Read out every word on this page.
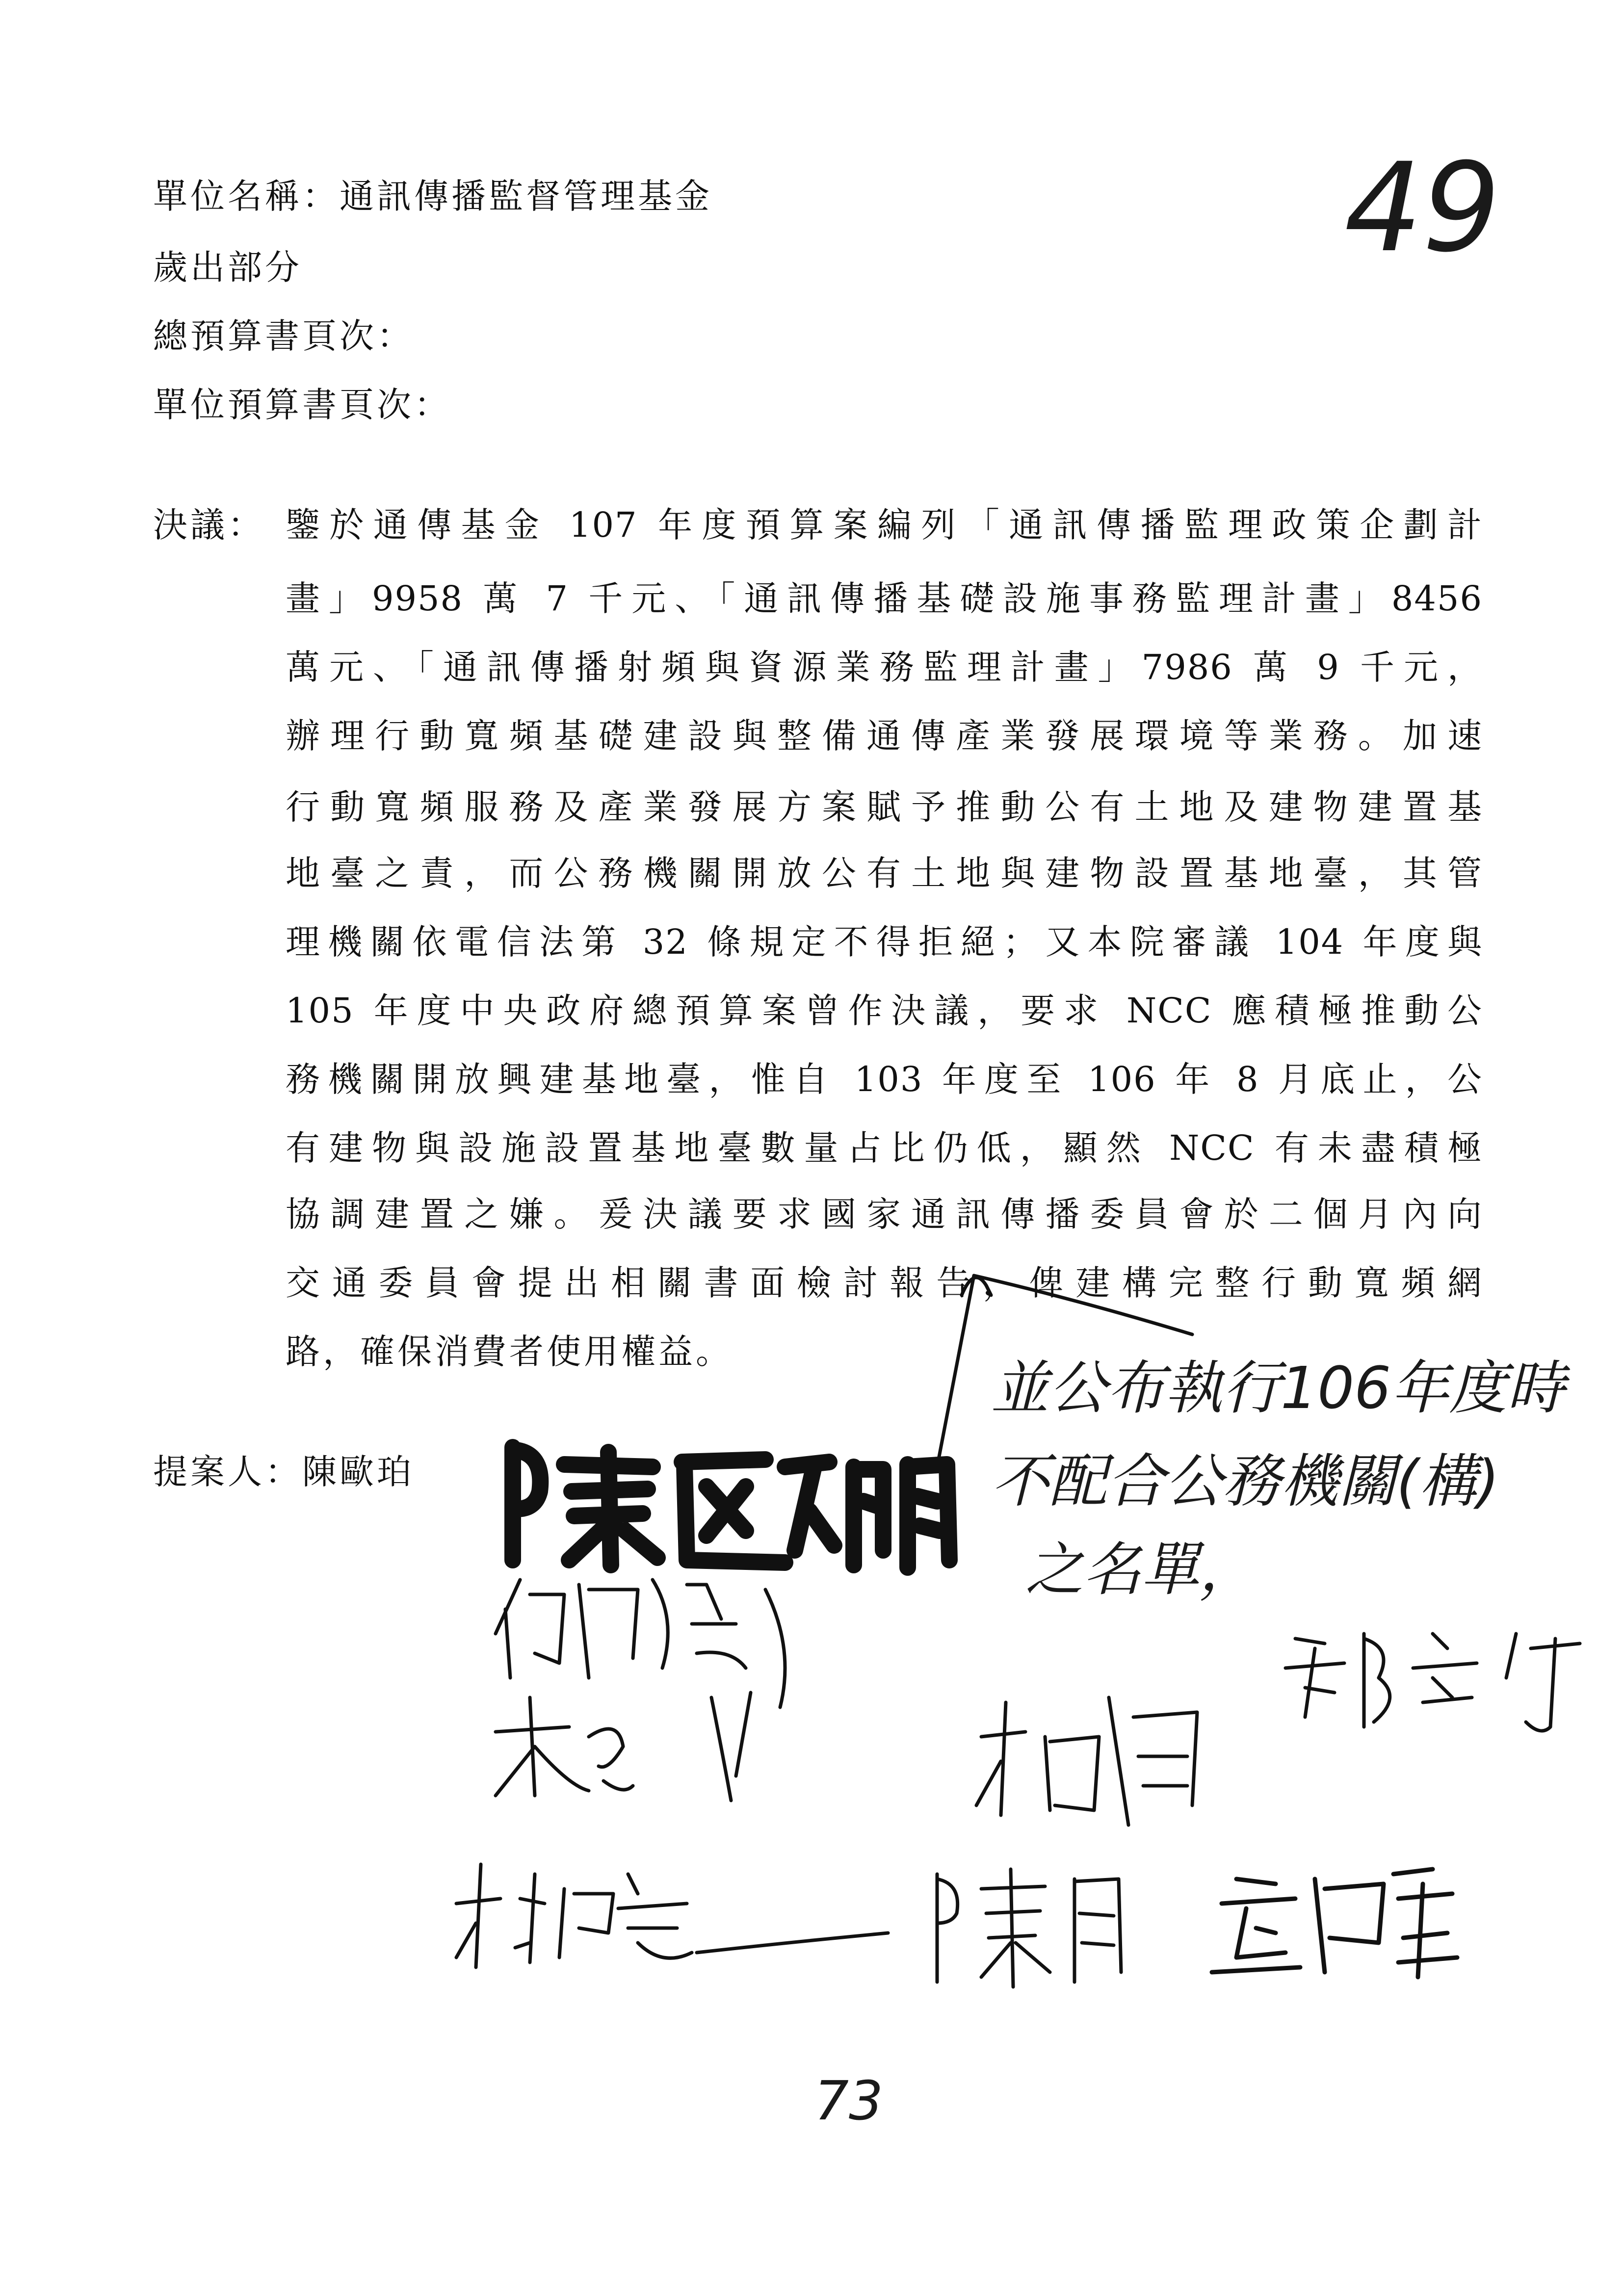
單位名稱：通訊傳播監督管理基金
歲出部分
總預算書頁次：
單位預算書頁次：
決議： 鑒於通傳基金 107 年度預算案編列「通訊傳播監理政策企劃計
畫」9958 萬 7 千元、「通訊傳播基礎設施事務監理計畫」8456
萬元、「通訊傳播射頻與資源業務監理計畫」7986 萬 9 千元，
辦理行動寬頻基礎建設與整備通傳產業發展環境等業務。加速
行動寬頻服務及產業發展方案賦予推動公有土地及建物建置基
地臺之責，而公務機關開放公有土地與建物設置基地臺，其管
理機關依電信法第 32 條規定不得拒絕；又本院審議 104 年度與
105 年度中央政府總預算案曾作決議，要求 NCC 應積極推動公
務機關開放興建基地臺，惟自 103 年度至 106 年 8 月底止，公
有建物與設施設置基地臺數量占比仍低，顯然 NCC 有未盡積極
協調建置之嫌。爰決議要求國家通訊傳播委員會於二個月內向
交通委員會提出相關書面檢討報告，俾建構完整行動寬頻網
路，確保消費者使用權益。
提案人：陳歐珀
49
並公布執行106年度時
不配合公務機關(構)
之名單，
73
